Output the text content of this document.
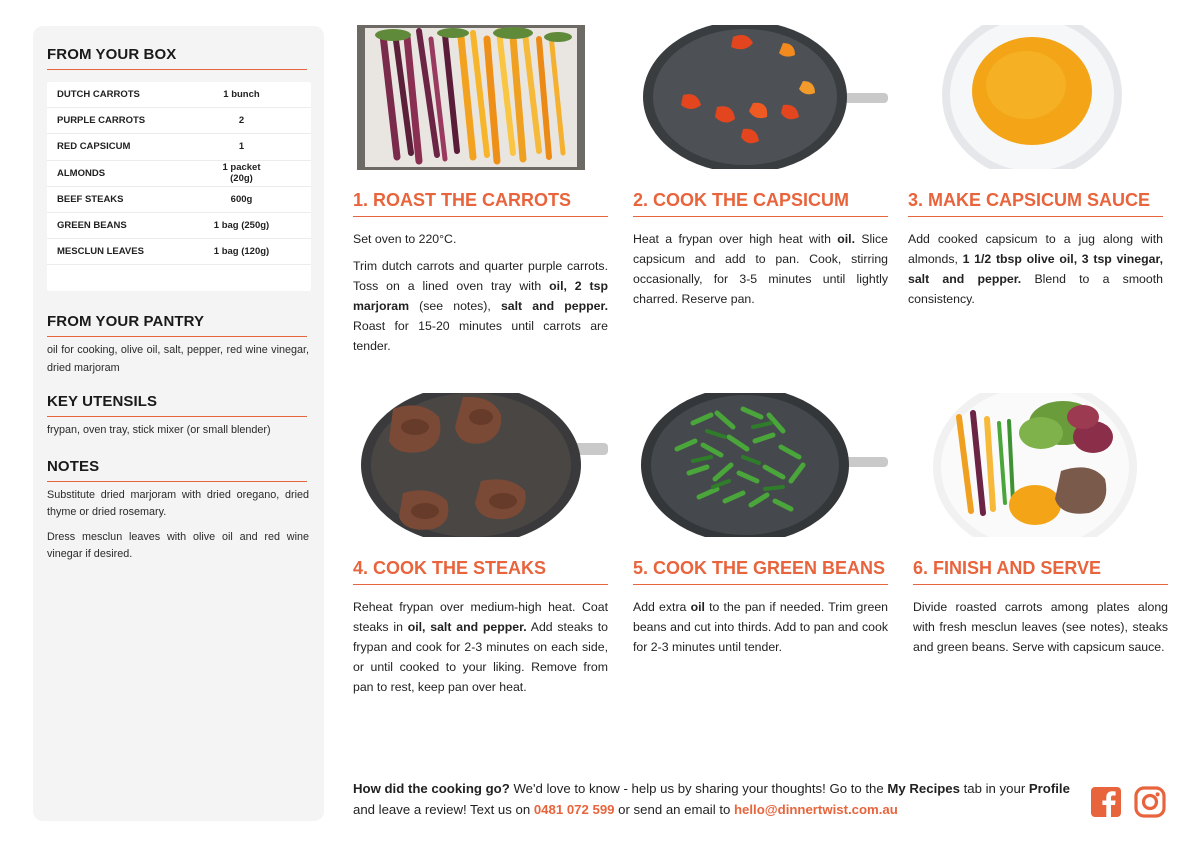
FROM YOUR BOX
DUTCH CARROTS	1 bunch
PURPLE CARROTS	2
RED CAPSICUM	1
ALMONDS	1 packet (20g)
BEEF STEAKS	600g
GREEN BEANS	1 bag (250g)
MESCLUN LEAVES	1 bag (120g)
FROM YOUR PANTRY
oil for cooking, olive oil, salt, pepper, red wine vinegar, dried marjoram
KEY UTENSILS
frypan, oven tray, stick mixer (or small blender)
NOTES

Substitute dried marjoram with dried oregano, dried thyme or dried rosemary.

Dress mesclun leaves with olive oil and red wine vinegar if desired.

1. ROAST THE CARROTS

Set oven to 220°C.

Trim dutch carrots and quarter purple carrots. Toss on a lined oven tray with oil, 2 tsp marjoram (see notes), salt and pepper. Roast for 15-20 minutes until carrots are tender.

2. COOK THE CAPSICUM

Heat a frypan over high heat with oil. Slice capsicum and add to pan. Cook, stirring occasionally, for 3-5 minutes until lightly charred. Reserve pan.

3. MAKE CAPSICUM SAUCE

Add cooked capsicum to a jug along with almonds, 1 1/2 tbsp olive oil, 3 tsp vinegar, salt and pepper. Blend to a smooth consistency.

4. COOK THE STEAKS

Reheat frypan over medium-high heat. Coat steaks in oil, salt and pepper. Add steaks to frypan and cook for 2-3 minutes on each side, or until cooked to your liking. Remove from pan to rest, keep pan over heat.

5. COOK THE GREEN BEANS

Add extra oil to the pan if needed. Trim green beans and cut into thirds. Add to pan and cook for 2-3 minutes until tender.

6. FINISH AND SERVE

Divide roasted carrots among plates along with fresh mesclun leaves (see notes), steaks and green beans. Serve with capsicum sauce.

How did the cooking go? We'd love to know - help us by sharing your thoughts! Go to the My Recipes tab in your Profile and leave a review! Text us on 0481 072 599 or send an email to hello@dinnertwist.com.au
